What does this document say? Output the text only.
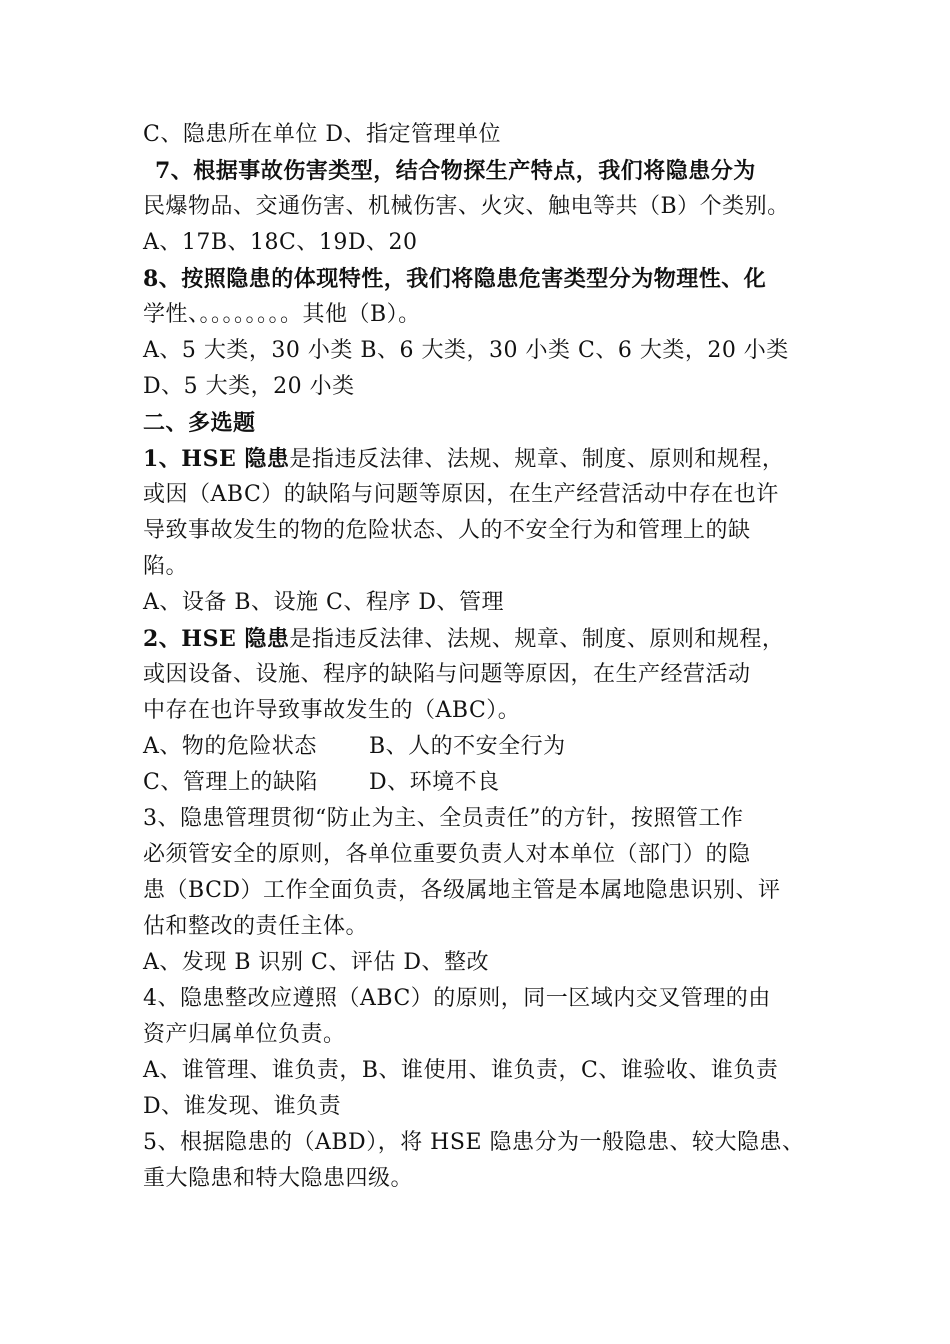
C、隐患所在单位 D、指定管理单位
7、根据事故伤害类型，结合物探生产特点，我们将隐患分为
民爆物品、交通伤害、机械伤害、火灾、触电等共（B）个类别。
A、17B、18C、19D、20
8、按照隐患的体现特性，我们将隐患危害类型分为物理性、化
学性、。。。。。。。。其他（B）。
A、5 大类，30 小类 B、6 大类，30 小类 C、6 大类，20 小类
D、5 大类，20 小类
二、多选题
1、HSE 隐患是指违反法律、法规、规章、制度、原则和规程，
或因（ABC）的缺陷与问题等原因，在生产经营活动中存在也许
导致事故发生的物的危险状态、人的不安全行为和管理上的缺
陷。
A、设备 B、设施 C、程序 D、管理
2、HSE 隐患是指违反法律、法规、规章、制度、原则和规程，
或因设备、设施、程序的缺陷与问题等原因，在生产经营活动
中存在也许导致事故发生的（ABC）。
A、物的危险状态 B、人的不安全行为
C、管理上的缺陷 D、环境不良
3、隐患管理贯彻“防止为主、全员责任”的方针，按照管工作
必须管安全的原则，各单位重要负责人对本单位（部门）的隐
患（BCD）工作全面负责，各级属地主管是本属地隐患识别、评
估和整改的责任主体。
A、发现 B 识别 C、评估 D、整改
4、隐患整改应遵照（ABC）的原则，同一区域内交叉管理的由
资产归属单位负责。
A、谁管理、谁负责，B、谁使用、谁负责，C、谁验收、谁负责
D、谁发现、谁负责
5、根据隐患的（ABD），将 HSE 隐患分为一般隐患、较大隐患、
重大隐患和特大隐患四级。
